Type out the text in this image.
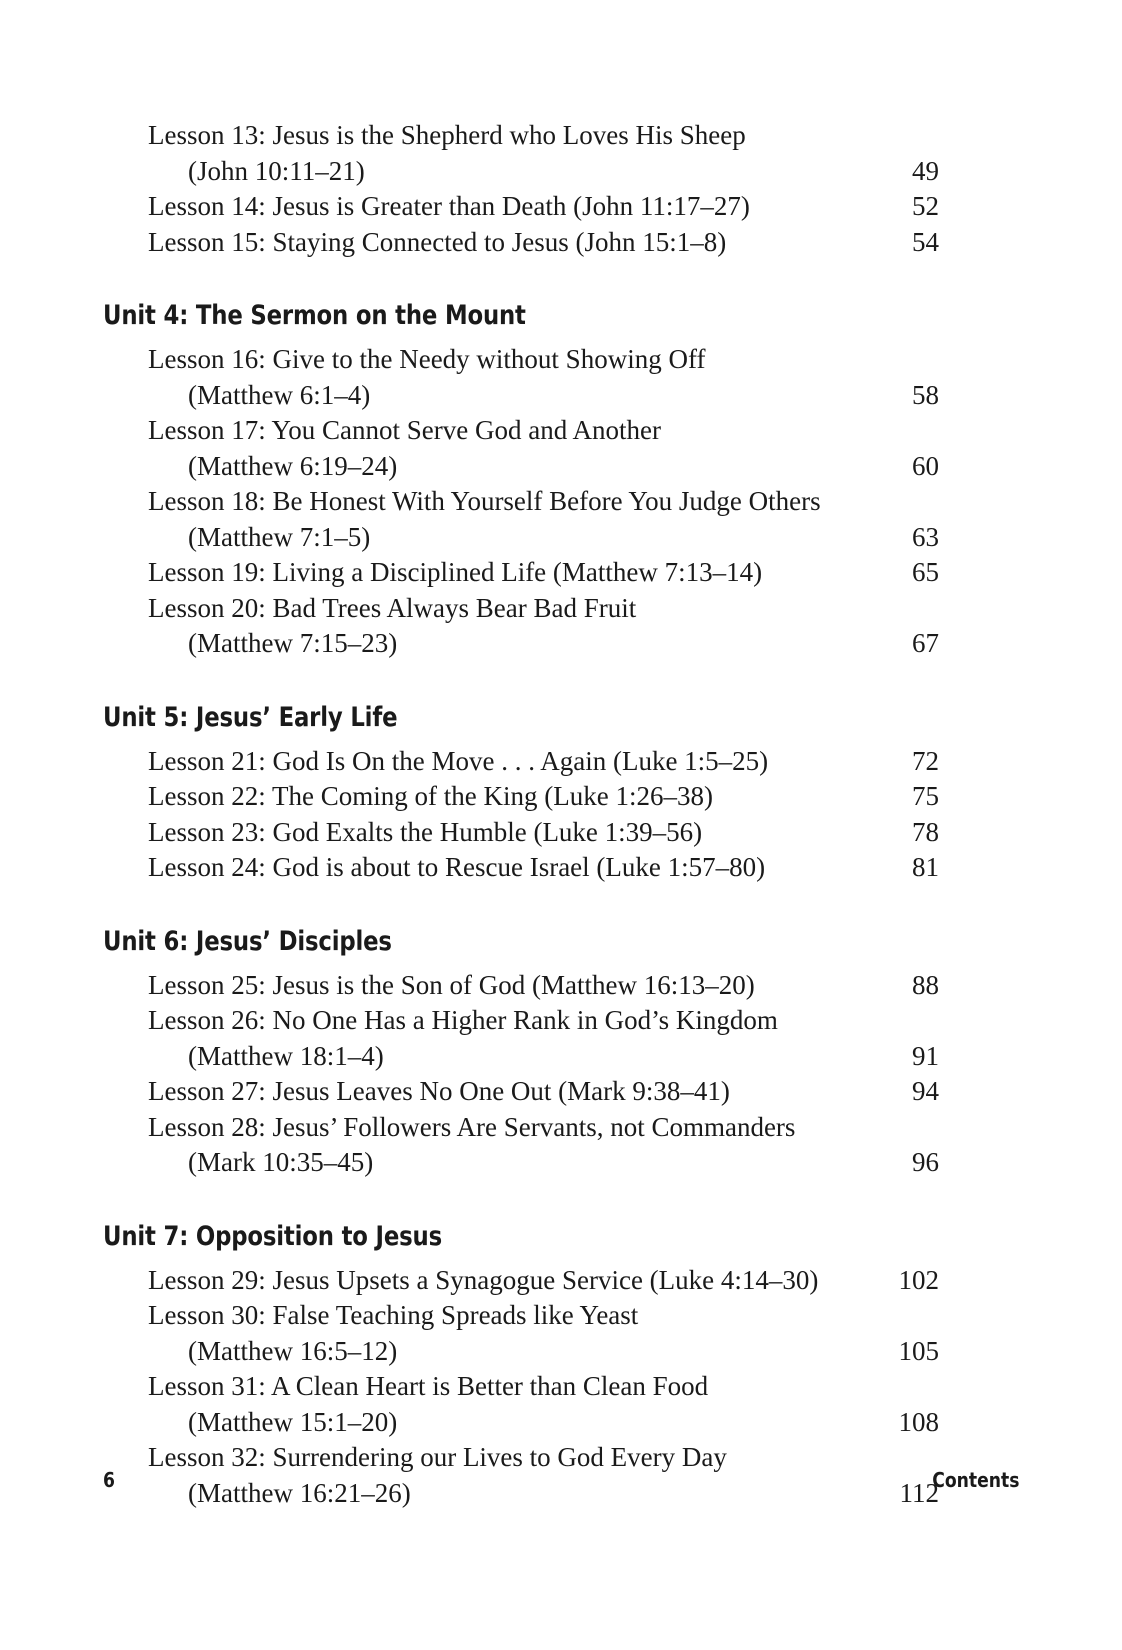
Lesson 13: Jesus is the Shepherd who Loves His Sheep
(John 10:11–21)	49
Lesson 14: Jesus is Greater than Death (John 11:17–27)	52
Lesson 15: Staying Connected to Jesus (John 15:1–8)	54
Unit 4: The Sermon on the Mount
Lesson 16: Give to the Needy without Showing Off
(Matthew 6:1–4)	58
Lesson 17: You Cannot Serve God and Another
(Matthew 6:19–24)	60
Lesson 18: Be Honest With Yourself Before You Judge Others
(Matthew 7:1–5)	63
Lesson 19: Living a Disciplined Life (Matthew 7:13–14)	65
Lesson 20: Bad Trees Always Bear Bad Fruit
(Matthew 7:15–23)	67
Unit 5: Jesus’ Early Life
Lesson 21: God Is On the Move . . . Again (Luke 1:5–25)	72
Lesson 22: The Coming of the King (Luke 1:26–38)	75
Lesson 23: God Exalts the Humble (Luke 1:39–56)	78
Lesson 24: God is about to Rescue Israel (Luke 1:57–80)	81
Unit 6: Jesus’ Disciples
Lesson 25: Jesus is the Son of God (Matthew 16:13–20)	88
Lesson 26: No One Has a Higher Rank in God’s Kingdom
(Matthew 18:1–4)	91
Lesson 27: Jesus Leaves No One Out (Mark 9:38–41)	94
Lesson 28: Jesus’ Followers Are Servants, not Commanders
(Mark 10:35–45)	96
Unit 7: Opposition to Jesus
Lesson 29: Jesus Upsets a Synagogue Service (Luke 4:14–30)	102
Lesson 30: False Teaching Spreads like Yeast
(Matthew 16:5–12)	105
Lesson 31: A Clean Heart is Better than Clean Food
(Matthew 15:1–20)	108
Lesson 32: Surrendering our Lives to God Every Day
(Matthew 16:21–26)	112
6	Contents
